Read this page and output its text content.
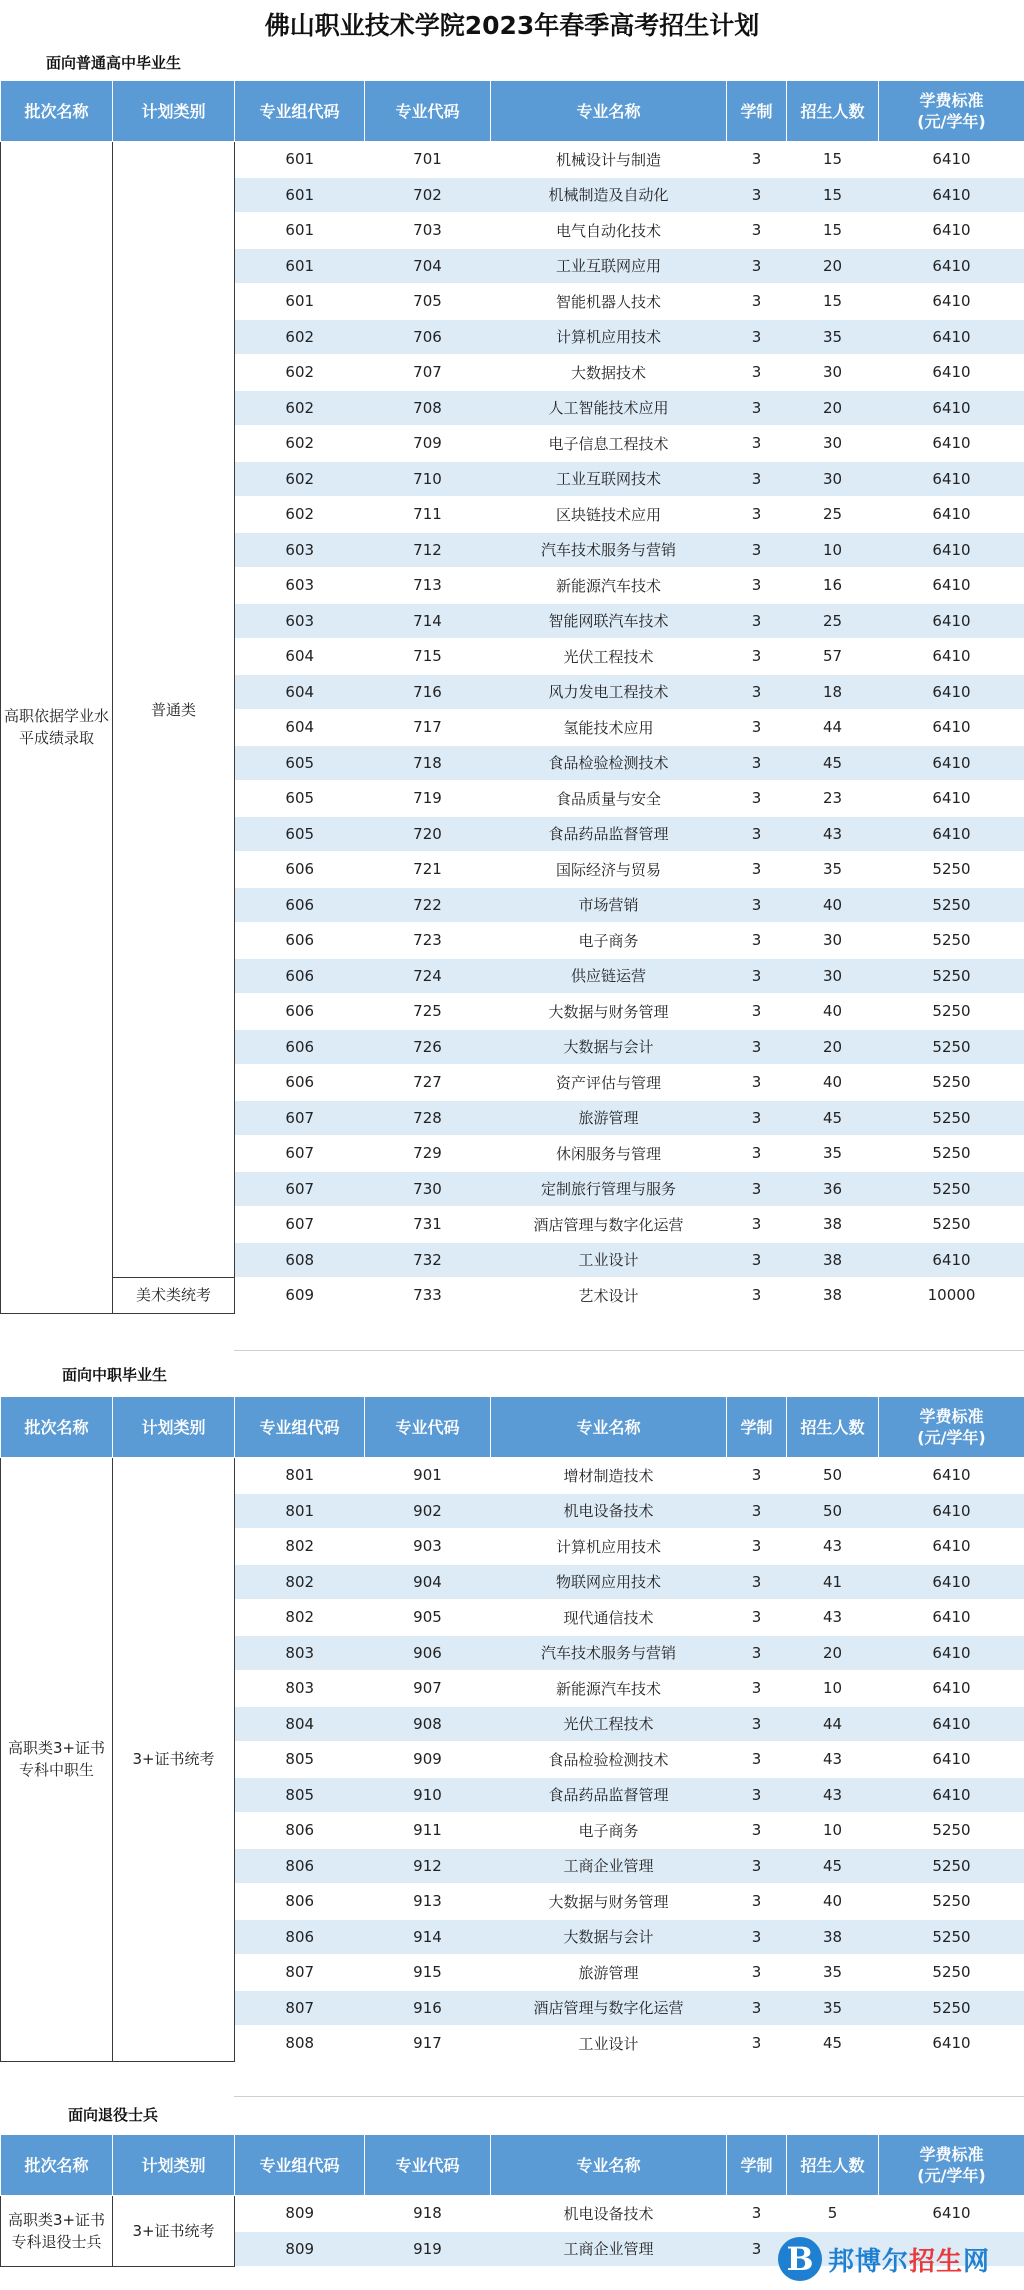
佛山职业技术学院2023年春季高考招生计划
面向普通高中毕业生
批次名称	计划类别	专业组代码	专业代码	专业名称	学制	招生人数	学费标准
(元/学年)

高职依据学业水平成绩录取	普通类	601	701	机械设计与制造	3	15	6410
		601	702	机械制造及自动化	3	15	6410
		601	703	电气自动化技术	3	15	6410
		601	704	工业互联网应用	3	20	6410
		601	705	智能机器人技术	3	15	6410
		602	706	计算机应用技术	3	35	6410
		602	707	大数据技术	3	30	6410
		602	708	人工智能技术应用	3	20	6410
		602	709	电子信息工程技术	3	30	6410
		602	710	工业互联网技术	3	30	6410
		602	711	区块链技术应用	3	25	6410
		603	712	汽车技术服务与营销	3	10	6410
		603	713	新能源汽车技术	3	16	6410
		603	714	智能网联汽车技术	3	25	6410
		604	715	光伏工程技术	3	57	6410
		604	716	风力发电工程技术	3	18	6410
		604	717	氢能技术应用	3	44	6410
		605	718	食品检验检测技术	3	45	6410
		605	719	食品质量与安全	3	23	6410
		605	720	食品药品监督管理	3	43	6410
		606	721	国际经济与贸易	3	35	5250
		606	722	市场营销	3	40	5250
		606	723	电子商务	3	30	5250
		606	724	供应链运营	3	30	5250
		606	725	大数据与财务管理	3	40	5250
		606	726	大数据与会计	3	20	5250
		606	727	资产评估与管理	3	40	5250
		607	728	旅游管理	3	45	5250
		607	729	休闲服务与管理	3	35	5250
		607	730	定制旅行管理与服务	3	36	5250
		607	731	酒店管理与数字化运营	3	38	5250
		608	732	工业设计	3	38	6410
	美术类统考	609	733	艺术设计	3	38	10000
面向中职毕业生
批次名称	计划类别	专业组代码	专业代码	专业名称	学制	招生人数	学费标准
(元/学年)

高职类3+证书专科中职生	3+证书统考	801	901	增材制造技术	3	50	6410
		801	902	机电设备技术	3	50	6410
		802	903	计算机应用技术	3	43	6410
		802	904	物联网应用技术	3	41	6410
		802	905	现代通信技术	3	43	6410
		803	906	汽车技术服务与营销	3	20	6410
		803	907	新能源汽车技术	3	10	6410
		804	908	光伏工程技术	3	44	6410
		805	909	食品检验检测技术	3	43	6410
		805	910	食品药品监督管理	3	43	6410
		806	911	电子商务	3	10	5250
		806	912	工商企业管理	3	45	5250
		806	913	大数据与财务管理	3	40	5250
		806	914	大数据与会计	3	38	5250
		807	915	旅游管理	3	35	5250
		807	916	酒店管理与数字化运营	3	35	5250
		808	917	工业设计	3	45	6410
面向退役士兵
批次名称	计划类别	专业组代码	专业代码	专业名称	学制	招生人数	学费标准
(元/学年)

高职类3+证书专科退役士兵	3+证书统考	809	918	机电设备技术	3	5	6410
		809	919	工商企业管理	3		B 邦博尔招生网
